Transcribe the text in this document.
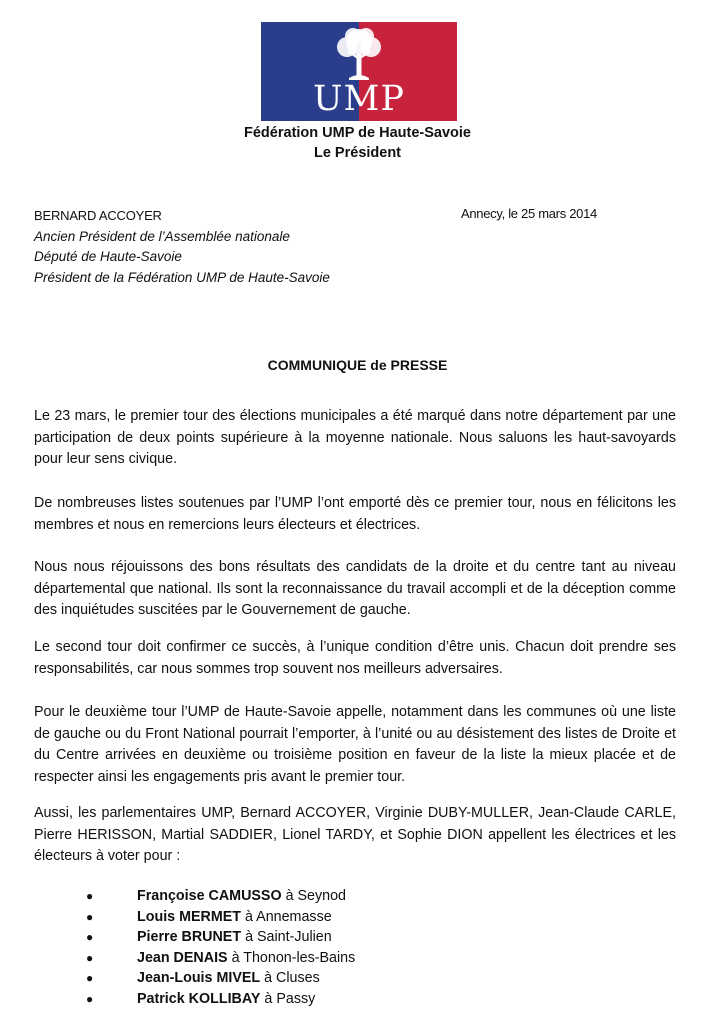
UMP
Fédération UMP de Haute-Savoie
Le Président
BERNARD ACCOYER
Ancien Président de l’Assemblée nationale
Député de Haute-Savoie
Président de la Fédération UMP de Haute-Savoie
Annecy, le 25 mars 2014
COMMUNIQUE de PRESSE

Le 23 mars, le premier tour des élections municipales a été marqué dans notre département par une participation de deux points supérieure à la moyenne nationale. Nous saluons les haut-savoyards pour leur sens civique.

De nombreuses listes soutenues par l’UMP l’ont emporté dès ce premier tour, nous en félicitons les membres et nous en remercions leurs électeurs et électrices.

Nous nous réjouissons des bons résultats des candidats de la droite et du centre tant au niveau départemental que national. Ils sont la reconnaissance du travail accompli et de la déception comme des inquiétudes suscitées par le Gouvernement de gauche.

Le second tour doit confirmer ce succès, à l’unique condition d’être unis. Chacun doit prendre ses responsabilités, car nous sommes trop souvent nos meilleurs adversaires.

Pour le deuxième tour l’UMP de Haute-Savoie appelle, notamment dans les communes où une liste de gauche ou du Front National pourrait l’emporter, à l’unité ou au désistement des listes de Droite et du Centre arrivées en deuxième ou troisième position en faveur de la liste la mieux placée et de respecter ainsi les engagements pris avant le premier tour.

Aussi, les parlementaires UMP, Bernard ACCOYER, Virginie DUBY-MULLER, Jean-Claude CARLE, Pierre HERISSON, Martial SADDIER, Lionel TARDY, et Sophie DION appellent les électrices et les électeurs à voter pour :

●	Françoise CAMUSSO à Seynod
●	Louis MERMET à Annemasse
●	Pierre BRUNET à Saint-Julien
●	Jean DENAIS à Thonon-les-Bains
●	Jean-Louis MIVEL à Cluses
●	Patrick KOLLIBAY à Passy
